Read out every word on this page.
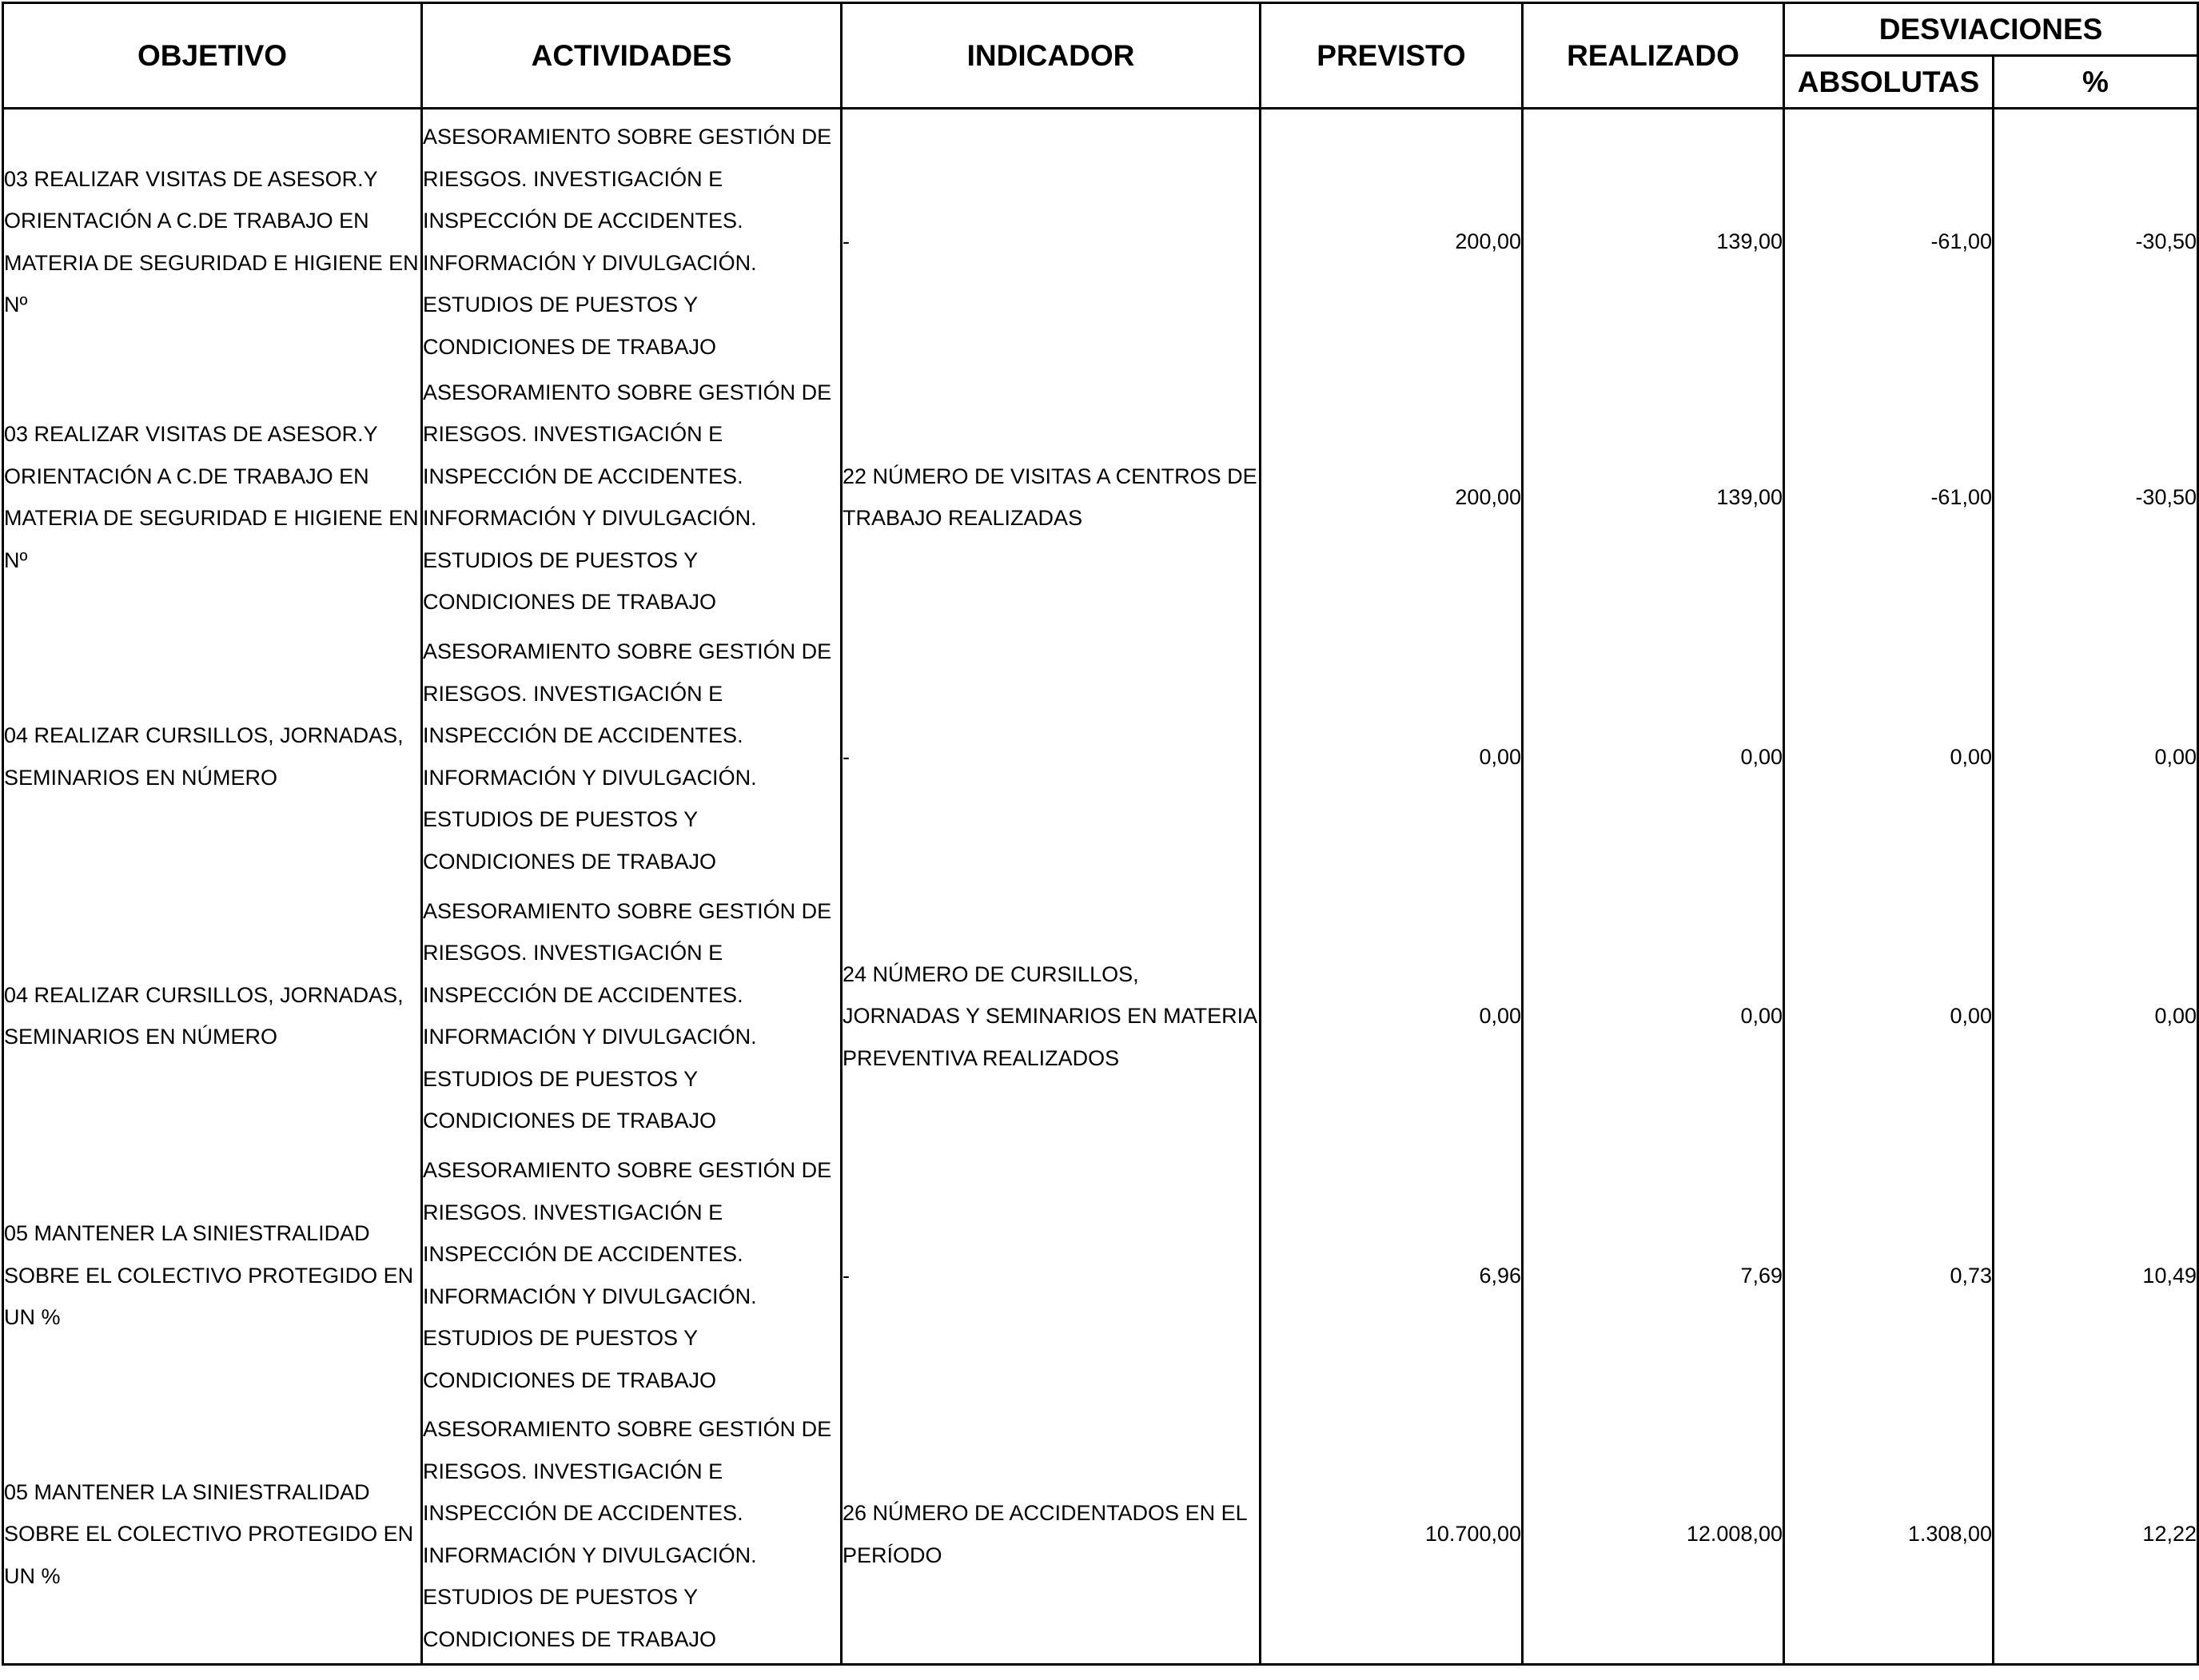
OBJETIVO	ACTIVIDADES	INDICADOR	PREVISTO	REALIZADO	DESVIACIONES	
					ABSOLUTAS	%
03 REALIZAR VISITAS DE ASESOR.Y ORIENTACIÓN A C.DE TRABAJO EN MATERIA DE SEGURIDAD E HIGIENE EN Nº	ASESORAMIENTO SOBRE GESTIÓN DE RIESGOS. INVESTIGACIÓN E INSPECCIÓN DE ACCIDENTES. INFORMACIÓN Y DIVULGACIÓN. ESTUDIOS DE PUESTOS Y CONDICIONES DE TRABAJO	-	200,00	139,00	-61,00	-30,50
03 REALIZAR VISITAS DE ASESOR.Y ORIENTACIÓN A C.DE TRABAJO EN MATERIA DE SEGURIDAD E HIGIENE EN Nº	ASESORAMIENTO SOBRE GESTIÓN DE RIESGOS. INVESTIGACIÓN E INSPECCIÓN DE ACCIDENTES. INFORMACIÓN Y DIVULGACIÓN. ESTUDIOS DE PUESTOS Y CONDICIONES DE TRABAJO	22 NÚMERO DE VISITAS A CENTROS DE TRABAJO REALIZADAS	200,00	139,00	-61,00	-30,50
04 REALIZAR CURSILLOS, JORNADAS, SEMINARIOS EN NÚMERO	ASESORAMIENTO SOBRE GESTIÓN DE RIESGOS. INVESTIGACIÓN E INSPECCIÓN DE ACCIDENTES. INFORMACIÓN Y DIVULGACIÓN. ESTUDIOS DE PUESTOS Y CONDICIONES DE TRABAJO	-	0,00	0,00	0,00	0,00
04 REALIZAR CURSILLOS, JORNADAS, SEMINARIOS EN NÚMERO	ASESORAMIENTO SOBRE GESTIÓN DE RIESGOS. INVESTIGACIÓN E INSPECCIÓN DE ACCIDENTES. INFORMACIÓN Y DIVULGACIÓN. ESTUDIOS DE PUESTOS Y CONDICIONES DE TRABAJO	24 NÚMERO DE CURSILLOS, JORNADAS Y SEMINARIOS EN MATERIA PREVENTIVA REALIZADOS	0,00	0,00	0,00	0,00
05 MANTENER LA SINIESTRALIDAD SOBRE EL COLECTIVO PROTEGIDO EN UN %	ASESORAMIENTO SOBRE GESTIÓN DE RIESGOS. INVESTIGACIÓN E INSPECCIÓN DE ACCIDENTES. INFORMACIÓN Y DIVULGACIÓN. ESTUDIOS DE PUESTOS Y CONDICIONES DE TRABAJO	-	6,96	7,69	0,73	10,49
05 MANTENER LA SINIESTRALIDAD SOBRE EL COLECTIVO PROTEGIDO EN UN %	ASESORAMIENTO SOBRE GESTIÓN DE RIESGOS. INVESTIGACIÓN E INSPECCIÓN DE ACCIDENTES. INFORMACIÓN Y DIVULGACIÓN. ESTUDIOS DE PUESTOS Y CONDICIONES DE TRABAJO	26 NÚMERO DE ACCIDENTADOS EN EL PERÍODO	10.700,00	12.008,00	1.308,00	12,22
